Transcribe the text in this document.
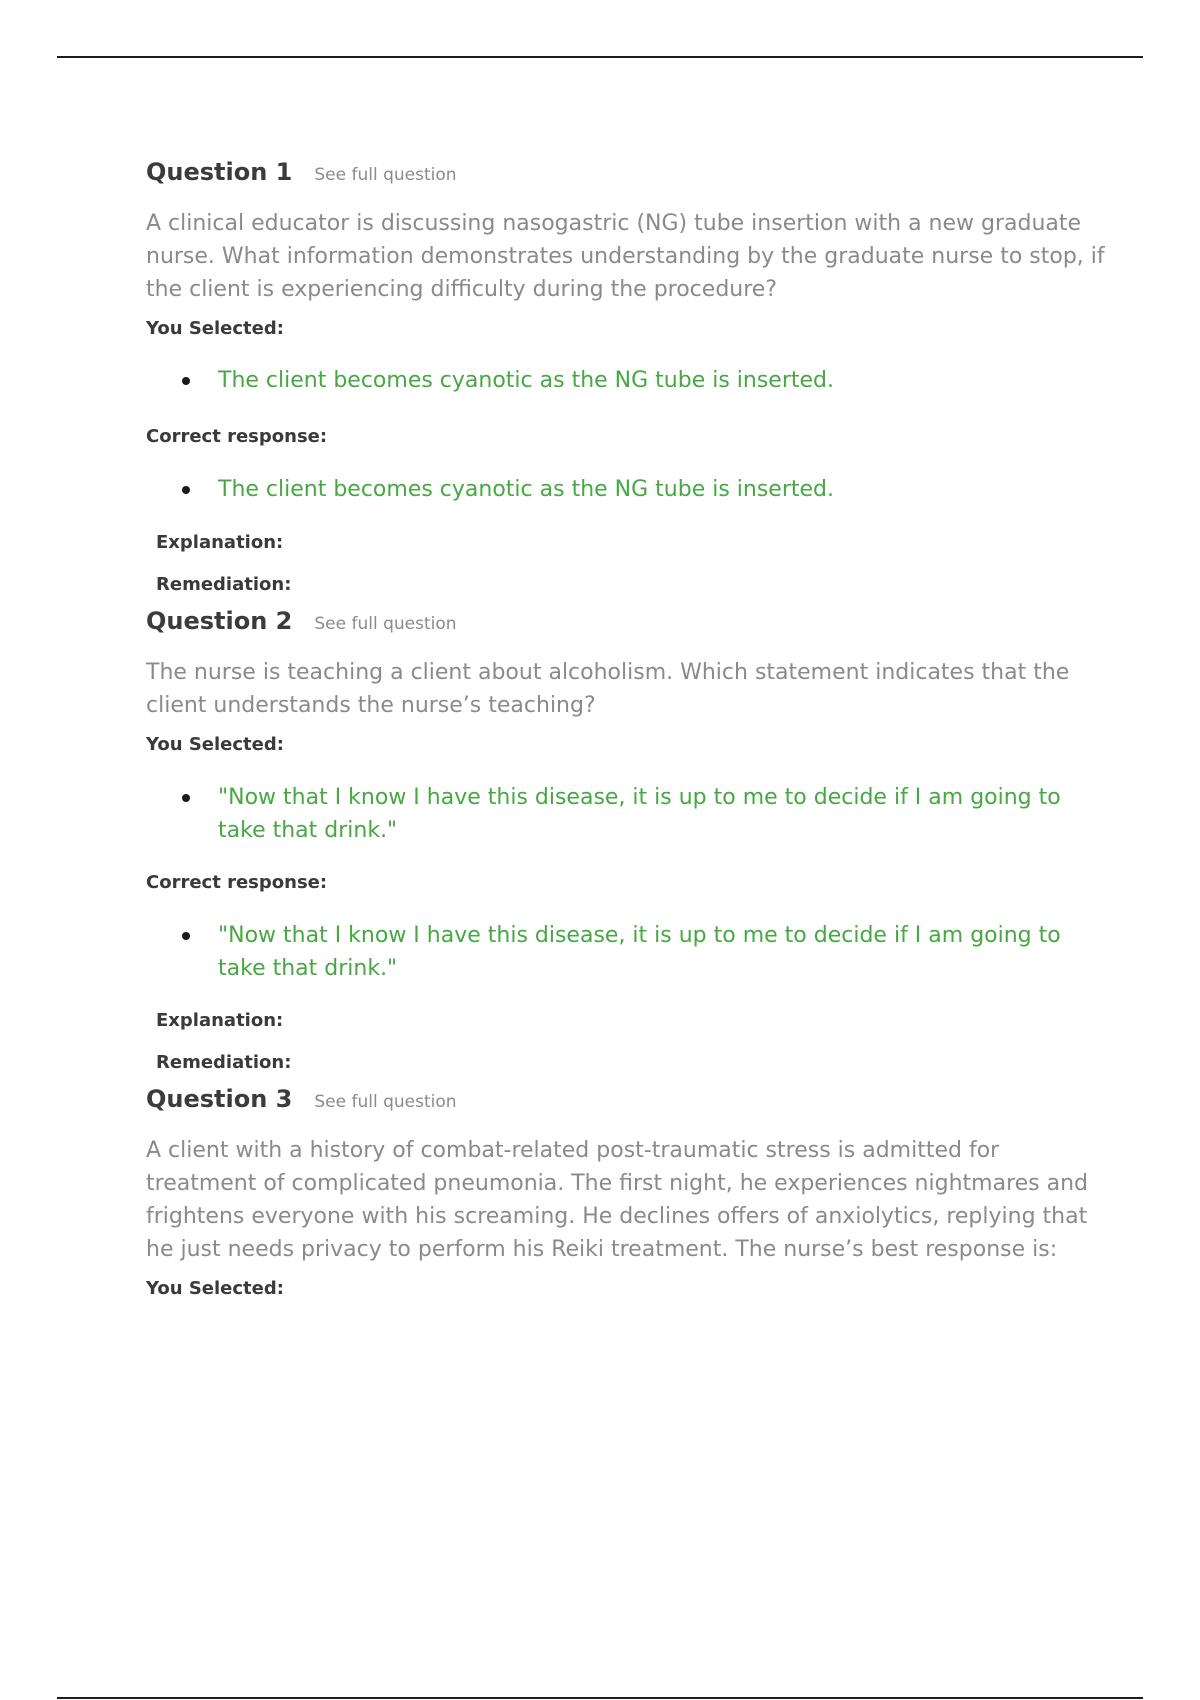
Question 1 See full question
A clinical educator is discussing nasogastric (NG) tube insertion with a new graduate nurse. What information demonstrates understanding by the graduate nurse to stop, if the client is experiencing difficulty during the procedure?
You Selected:
The client becomes cyanotic as the NG tube is inserted.
Correct response:
The client becomes cyanotic as the NG tube is inserted.
Explanation:
Remediation:
Question 2 See full question
The nurse is teaching a client about alcoholism. Which statement indicates that the client understands the nurse’s teaching?
You Selected:
"Now that I know I have this disease, it is up to me to decide if I am going to take that drink."
Correct response:
"Now that I know I have this disease, it is up to me to decide if I am going to take that drink."
Explanation:
Remediation:
Question 3 See full question
A client with a history of combat-related post-traumatic stress is admitted for treatment of complicated pneumonia. The first night, he experiences nightmares and frightens everyone with his screaming. He declines offers of anxiolytics, replying that he just needs privacy to perform his Reiki treatment. The nurse’s best response is:
You Selected:
